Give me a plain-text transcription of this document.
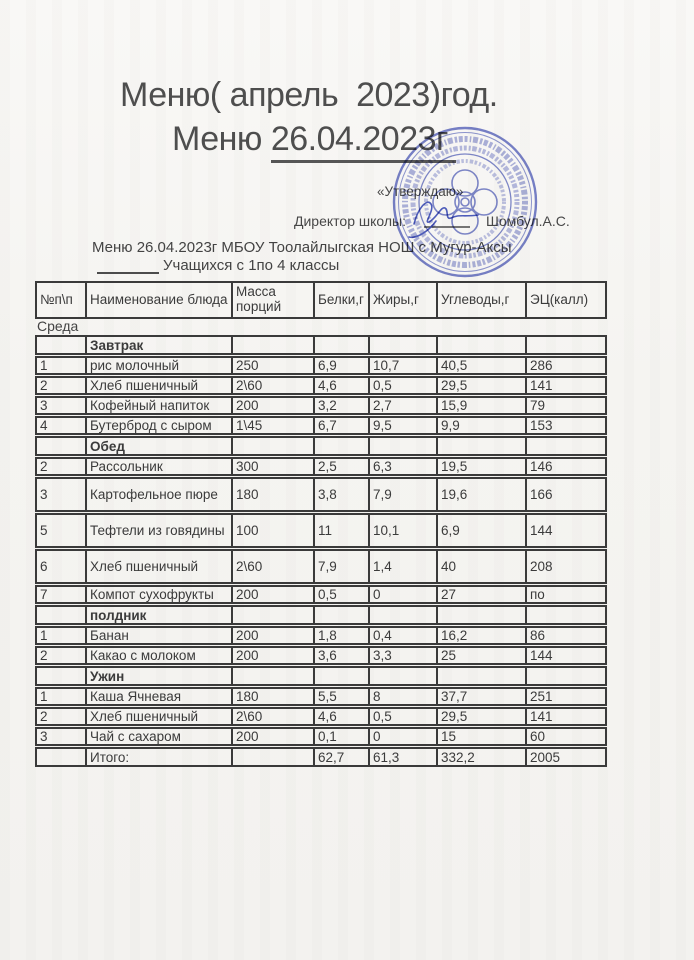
Меню( апрель  2023)год.
Меню 26.04.2023г
«Утверждаю»
Директор школы:	Шомбул.А.С.
Меню 26.04.2023г МБОУ Тоолайлыгская НОШ с Мугур-Аксы
Учащихся с 1по 4 классы
№п\п	Наименование блюда	Масса порций	Белки,г	Жиры,г	Углеводы,г	ЭЦ(калл)
Среда
	Завтрак					
1	рис молочный	250	6,9	10,7	40,5	286
2	Хлеб пшеничный	2\60	4,6	0,5	29,5	141
3	Кофейный напиток	200	3,2	2,7	15,9	79
4	Бутерброд с сыром	1\45	6,7	9,5	9,9	153
	Обед					
2	Рассольник	300	2,5	6,3	19,5	146
3	Картофельное пюре	180	3,8	7,9	19,6	166
5	Тефтели из говядины	100	11	10,1	6,9	144
6	Хлеб пшеничный	2\60	7,9	1,4	40	208
7	Компот сухофрукты	200	0,5	0	27	по
	полдник					
1	Банан	200	1,8	0,4	16,2	86
2	Какао с молоком	200	3,6	3,3	25	144
	Ужин					
1	Каша Ячневая	180	5,5	8	37,7	251
2	Хлеб пшеничный	2\60	4,6	0,5	29,5	141
3	Чай с сахаром	200	0,1	0	15	60
	Итого:		62,7	61,3	332,2	2005
